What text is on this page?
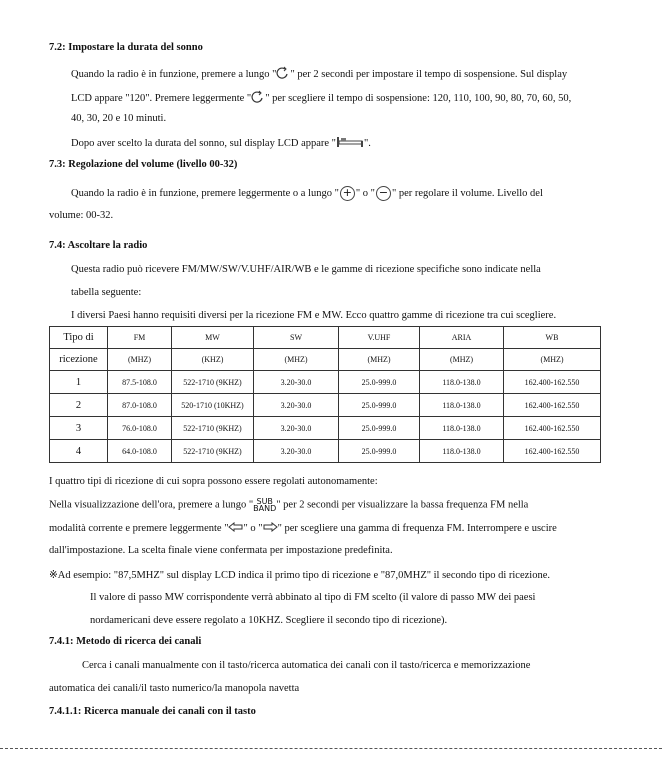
7.2: Impostare la durata del sonno
Quando la radio è in funzione, premere a lungo " " per 2 secondi per impostare il tempo di sospensione. Sul display
LCD appare "120". Premere leggermente " " per scegliere il tempo di sospensione: 120, 110, 100, 90, 80, 70, 60, 50,
40, 30, 20 e 10 minuti.
Dopo aver scelto la durata del sonno, sul display LCD appare "	".
7.3: Regolazione del volume (livello 00-32)
Quando la radio è in funzione, premere leggermente o a lungo " + " o " − " per regolare il volume. Livello del
volume: 00-32.
7.4: Ascoltare la radio
Questa radio può ricevere FM/MW/SW/V.UHF/AIR/WB e le gamme di ricezione specifiche sono indicate nella
tabella seguente:
I diversi Paesi hanno requisiti diversi per la ricezione FM e MW. Ecco quattro gamme di ricezione tra cui scegliere.
Tipo di	FM	MW	SW	V.UHF	ARIA	WB
ricezione	(MHZ)	(KHZ)	(MHZ)	(MHZ)	(MHZ)	(MHZ)
1	87.5-108.0	522-1710 (9KHZ)	3.20-30.0	25.0-999.0	118.0-138.0	162.400-162.550
2	87.0-108.0	520-1710 (10KHZ)	3.20-30.0	25.0-999.0	118.0-138.0	162.400-162.550
3	76.0-108.0	522-1710 (9KHZ)	3.20-30.0	25.0-999.0	118.0-138.0	162.400-162.550
4	64.0-108.0	522-1710 (9KHZ)	3.20-30.0	25.0-999.0	118.0-138.0	162.400-162.550
I quattro tipi di ricezione di cui sopra possono essere regolati autonomamente:
Nella visualizzazione dell'ora, premere a lungo " SUB
BAND " per 2 secondi per visualizzare la bassa frequenza FM nella
modalità corrente e premere leggermente " " o " " per scegliere una gamma di frequenza FM. Interrompere e uscire
dall'impostazione. La scelta finale viene confermata per impostazione predefinita.
※Ad esempio: "87,5MHZ" sul display LCD indica il primo tipo di ricezione e "87,0MHZ" il secondo tipo di ricezione.
Il valore di passo MW corrispondente verrà abbinato al tipo di FM scelto (il valore di passo MW dei paesi
nordamericani deve essere regolato a 10KHZ. Scegliere il secondo tipo di ricezione).
7.4.1: Metodo di ricerca dei canali
Cerca i canali manualmente con il tasto/ricerca automatica dei canali con il tasto/ricerca e memorizzazione
automatica dei canali/il tasto numerico/la manopola navetta
7.4.1.1: Ricerca manuale dei canali con il tasto
